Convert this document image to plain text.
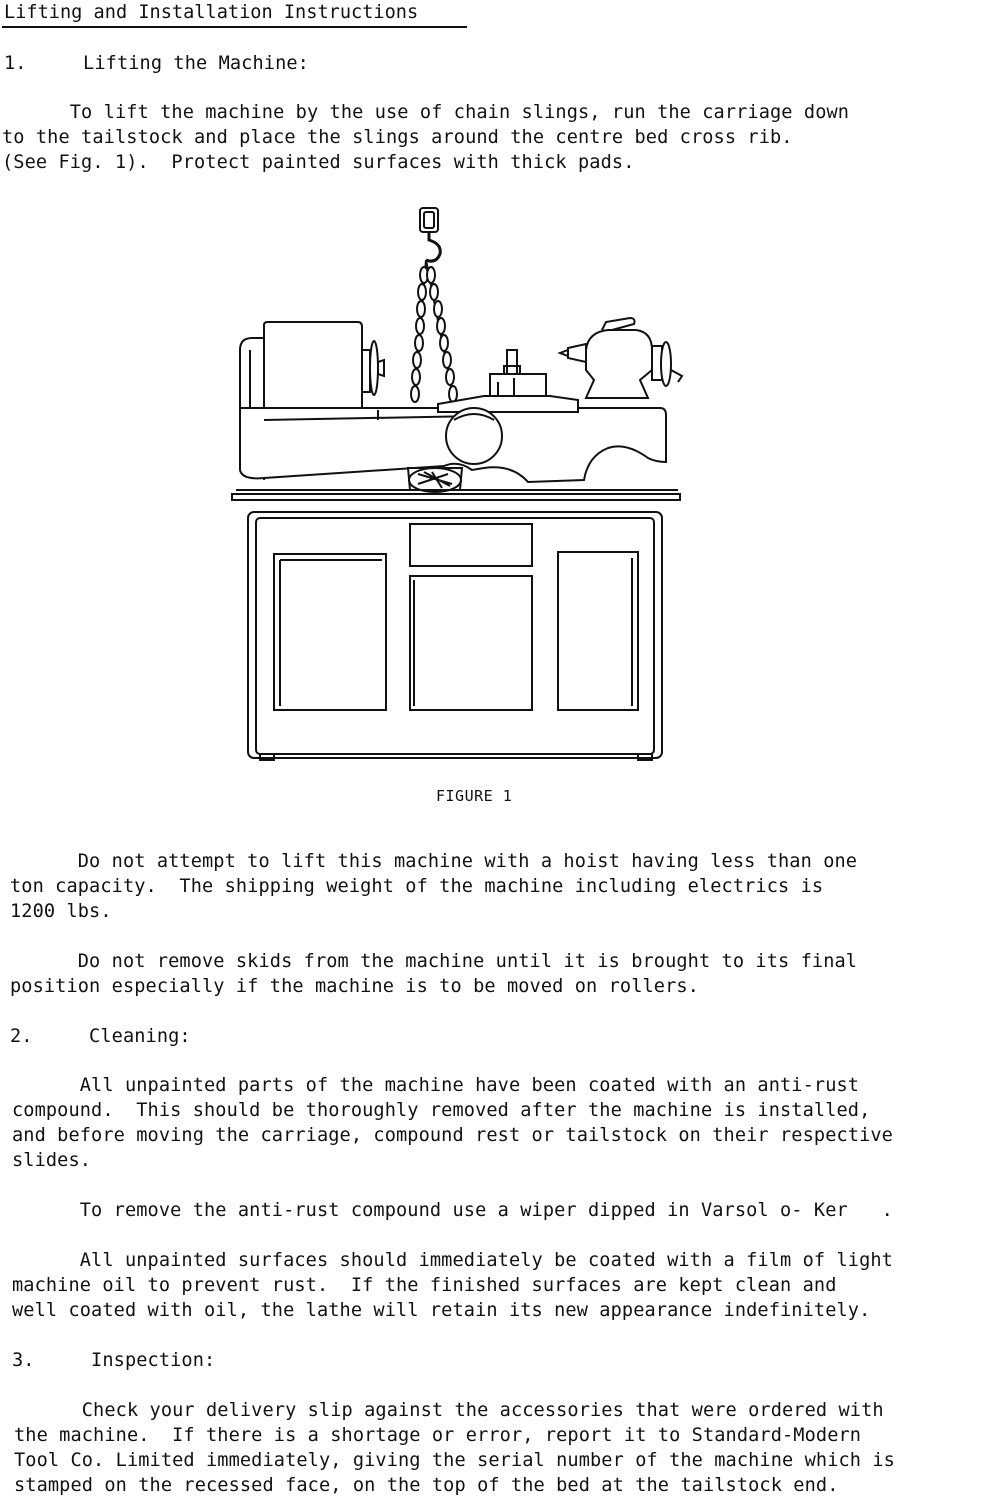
Lifting and Installation Instructions
1.     Lifting the Machine:
To lift the machine by the use of chain slings, run the carriage down
to the tailstock and place the slings around the centre bed cross rib.
(See Fig. 1).  Protect painted surfaces with thick pads.
FIGURE 1
Do not attempt to lift this machine with a hoist having less than one
ton capacity.  The shipping weight of the machine including electrics is
1200 lbs.
Do not remove skids from the machine until it is brought to its final
position especially if the machine is to be moved on rollers.
2.     Cleaning:
All unpainted parts of the machine have been coated with an anti-rust
compound.  This should be thoroughly removed after the machine is installed,
and before moving the carriage, compound rest or tailstock on their respective
slides.
To remove the anti-rust compound use a wiper dipped in Varsol o- Ker   .
All unpainted surfaces should immediately be coated with a film of light
machine oil to prevent rust.  If the finished surfaces are kept clean and
well coated with oil, the lathe will retain its new appearance indefinitely.
3.     Inspection:
Check your delivery slip against the accessories that were ordered with
the machine.  If there is a shortage or error, report it to Standard-Modern
Tool Co. Limited immediately, giving the serial number of the machine which is
stamped on the recessed face, on the top of the bed at the tailstock end.
